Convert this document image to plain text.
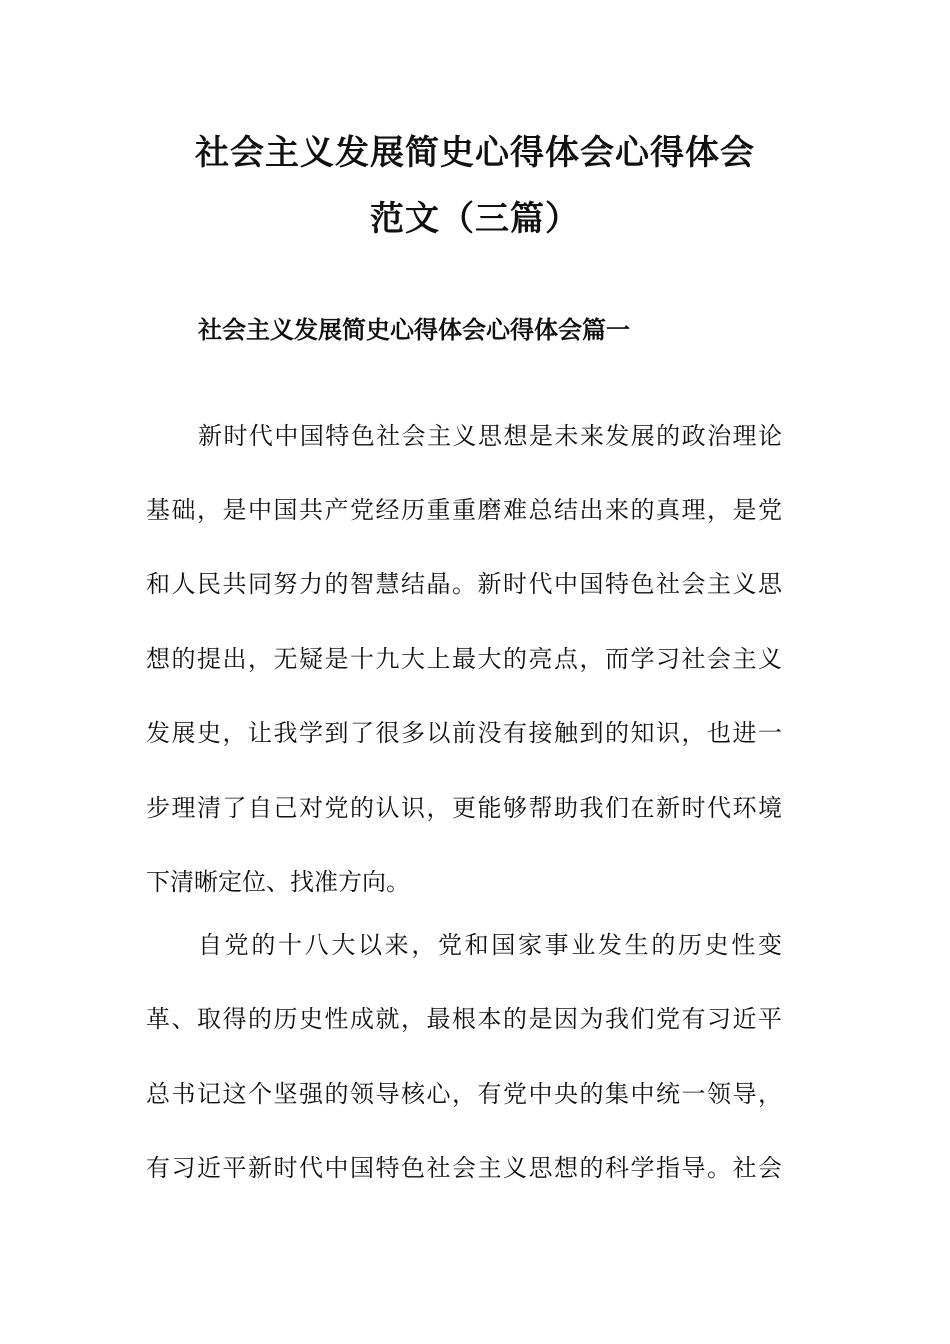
社会主义发展简史心得体会心得体会
范文（三篇）
社会主义发展简史心得体会心得体会篇一

新时代中国特色社会主义思想是未来发展的政治理论

基础，是中国共产党经历重重磨难总结出来的真理，是党

和人民共同努力的智慧结晶。新时代中国特色社会主义思

想的提出，无疑是十九大上最大的亮点，而学习社会主义

发展史，让我学到了很多以前没有接触到的知识，也进一

步理清了自己对党的认识，更能够帮助我们在新时代环境

下清晰定位、找准方向。

自党的十八大以来，党和国家事业发生的历史性变

革、取得的历史性成就，最根本的是因为我们党有习近平

总书记这个坚强的领导核心，有党中央的集中统一领导，

有习近平新时代中国特色社会主义思想的科学指导。社会
